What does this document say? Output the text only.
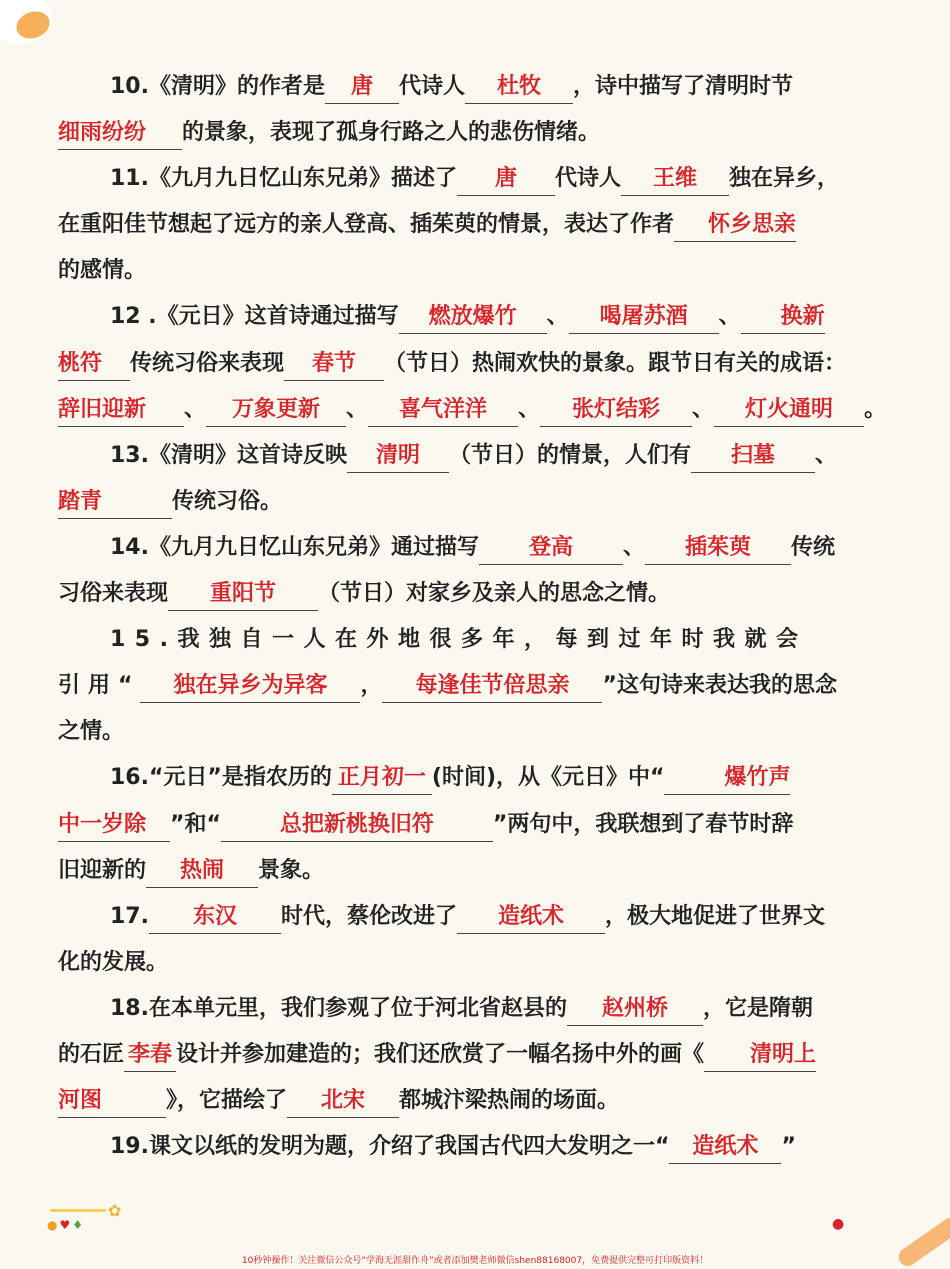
10.《清明》的作者是 唐 代诗人 杜牧 ，诗中描写了清明时节
细雨纷纷 的景象，表现了孤身行路之人的悲伤情绪。
11.《九月九日忆山东兄弟》描述了 唐 代诗人 王维 独在异乡，
在重阳佳节想起了远方的亲人登高、插茱萸的情景，表达了作者 怀乡思亲
的感情。
12 .《元日》这首诗通过描写 燃放爆竹 、 喝屠苏酒 、 换新
桃符 传统习俗来表现 春节 （节日）热闹欢快的景象。跟节日有关的成语：
辞旧迎新 、 万象更新 、 喜气洋洋 、 张灯结彩 、 灯火通明 。
13.《清明》这首诗反映 清明 （节日）的情景，人们有 扫墓 、
踏青	传统习俗。
14.《九月九日忆山东兄弟》通过描写 登高 、 插茱萸 传统
习俗来表现 重阳节 （节日）对家乡及亲人的思念之情。
15.我独自一人在外地很多年，每到过年时我就会
引用“ 独在异乡为异客 ， 每逢佳节倍思亲 ”这句诗来表达我的思念
之情。
16.“元日”是指农历的 正月初一 (时间)，从《元日》中“	爆竹声
中一岁除 ”和“	总把新桃换旧符	”两句中，我联想到了春节时辞
旧迎新的 热闹 景象。
17. 东汉 时代，蔡伦改进了 造纸术 ，极大地促进了世界文
化的发展。
18.在本单元里，我们参观了位于河北省赵县的 赵州桥 ，它是隋朝
的石匠 李春 设计并参加建造的；我们还欣赏了一幅名扬中外的画《 清明上
河图	》，它描绘了 北宋 都城汴梁热闹的场面。
19.课文以纸的发明为题，介绍了我国古代四大发明之一“ 造纸术 ”
✿
●♥♦	●
10秒钟操作！关注微信公众号“学海无涯甜作舟”或者添加樊老师微信shen88168007，免费提供完整可打印版资料！
